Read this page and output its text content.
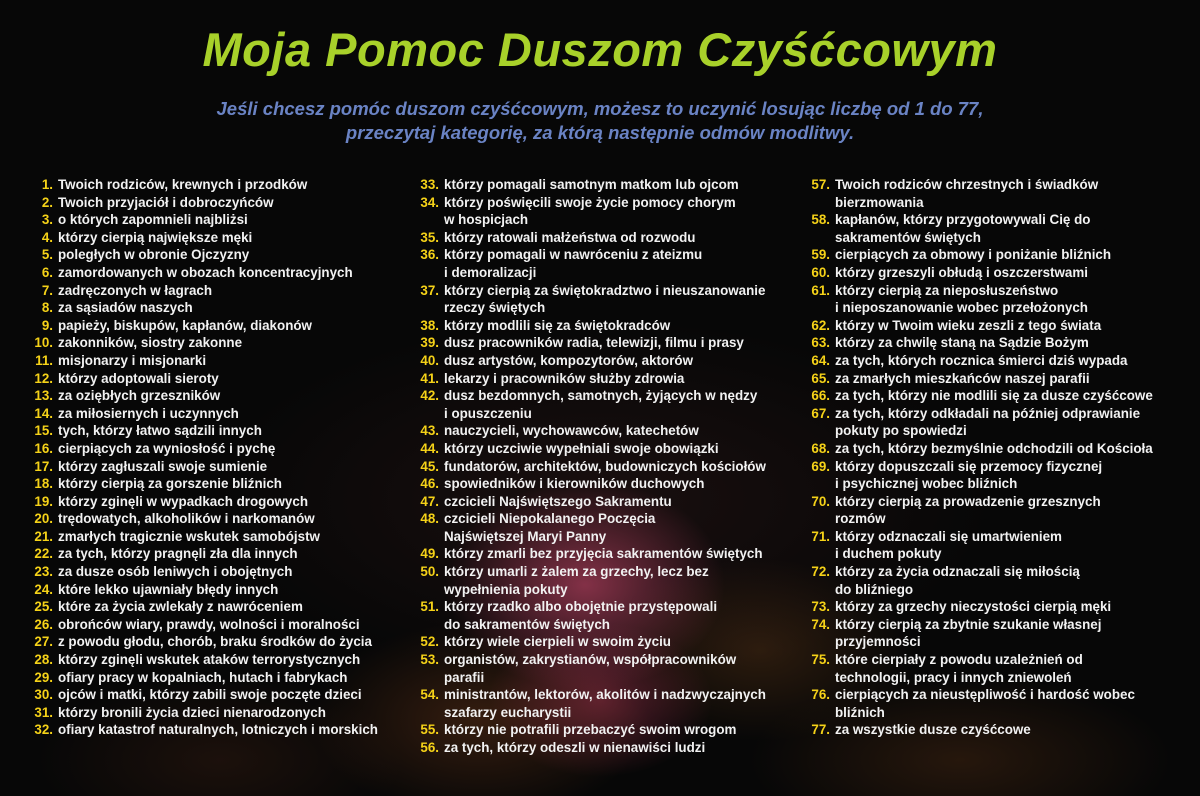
Moja Pomoc Duszom Czyśćcowym
Jeśli chcesz pomóc duszom czyśćcowym, możesz to uczynić losując liczbę od 1 do 77,
przeczytaj kategorię, za którą następnie odmów modlitwy.
1. Twoich rodziców, krewnych i przodków
2. Twoich przyjaciół i dobroczyńców
3. o których zapomnieli najbliżsi
4. którzy cierpią największe męki
5. poległych w obronie Ojczyzny
6. zamordowanych w obozach koncentracyjnych
7. zadręczonych w łagrach
8. za sąsiadów naszych
9. papieży, biskupów, kapłanów, diakonów
10. zakonników, siostry zakonne
11. misjonarzy i misjonarki
12. którzy adoptowali sieroty
13. za oziębłych grzeszników
14. za miłosiernych i uczynnych
15. tych, którzy łatwo sądzili innych
16. cierpiących za wyniosłość i pychę
17. którzy zagłuszali swoje sumienie
18. którzy cierpią za gorszenie bliźnich
19. którzy zginęli w wypadkach drogowych
20. trędowatych, alkoholików i narkomanów
21. zmarłych tragicznie wskutek samobójstw
22. za tych, którzy pragnęli zła dla innych
23. za dusze osób leniwych i obojętnych
24. które lekko ujawniały błędy innych
25. które za życia zwlekały z nawróceniem
26. obrońców wiary, prawdy, wolności i moralności
27. z powodu głodu, chorób, braku środków do życia
28. którzy zginęli wskutek ataków terrorystycznych
29. ofiary pracy w kopalniach, hutach i fabrykach
30. ojców i matki, którzy zabili swoje poczęte dzieci
31. którzy bronili życia dzieci nienarodzonych
32. ofiary katastrof naturalnych, lotniczych i morskich
33. którzy pomagali samotnym matkom lub ojcom
34. którzy poświęcili swoje życie pomocy chorym
w hospicjach
35. którzy ratowali małżeństwa od rozwodu
36. którzy pomagali w nawróceniu z ateizmu
i demoralizacji
37. którzy cierpią za świętokradztwo i nieuszanowanie
rzeczy świętych
38. którzy modlili się za świętokradców
39. dusz pracowników radia, telewizji, filmu i prasy
40. dusz artystów, kompozytorów, aktorów
41. lekarzy i pracowników służby zdrowia
42. dusz bezdomnych, samotnych, żyjących w nędzy
i opuszczeniu
43. nauczycieli, wychowawców, katechetów
44. którzy uczciwie wypełniali swoje obowiązki
45. fundatorów, architektów, budowniczych kościołów
46. spowiedników i kierowników duchowych
47. czcicieli Najświętszego Sakramentu
48. czcicieli Niepokalanego Poczęcia
Najświętszej Maryi Panny
49. którzy zmarli bez przyjęcia sakramentów świętych
50. którzy umarli z żalem za grzechy, lecz bez
wypełnienia pokuty
51. którzy rzadko albo obojętnie przystępowali
do sakramentów świętych
52. którzy wiele cierpieli w swoim życiu
53. organistów, zakrystianów, współpracowników
parafii
54. ministrantów, lektorów, akolitów i nadzwyczajnych
szafarzy eucharystii
55. którzy nie potrafili przebaczyć swoim wrogom
56. za tych, którzy odeszli w nienawiści ludzi
57. Twoich rodziców chrzestnych i świadków
bierzmowania
58. kapłanów, którzy przygotowywali Cię do
sakramentów świętych
59. cierpiących za obmowy i poniżanie bliźnich
60. którzy grzeszyli obłudą i oszczerstwami
61. którzy cierpią za nieposłuszeństwo
i nieposzanowanie wobec przełożonych
62. którzy w Twoim wieku zeszli z tego świata
63. którzy za chwilę staną na Sądzie Bożym
64. za tych, których rocznica śmierci dziś wypada
65. za zmarłych mieszkańców naszej parafii
66. za tych, którzy nie modlili się za dusze czyśćcowe
67. za tych, którzy odkładali na później odprawianie
pokuty po spowiedzi
68. za tych, którzy bezmyślnie odchodzili od Kościoła
69. którzy dopuszczali się przemocy fizycznej
i psychicznej wobec bliźnich
70. którzy cierpią za prowadzenie grzesznych
rozmów
71. którzy odznaczali się umartwieniem
i duchem pokuty
72. którzy za życia odznaczali się miłością
do bliźniego
73. którzy za grzechy nieczystości cierpią męki
74. którzy cierpią za zbytnie szukanie własnej
przyjemności
75. które cierpiały z powodu uzależnień od
technologii, pracy i innych zniewoleń
76. cierpiących za nieustępliwość i hardość wobec
bliźnich
77. za wszystkie dusze czyśćcowe
